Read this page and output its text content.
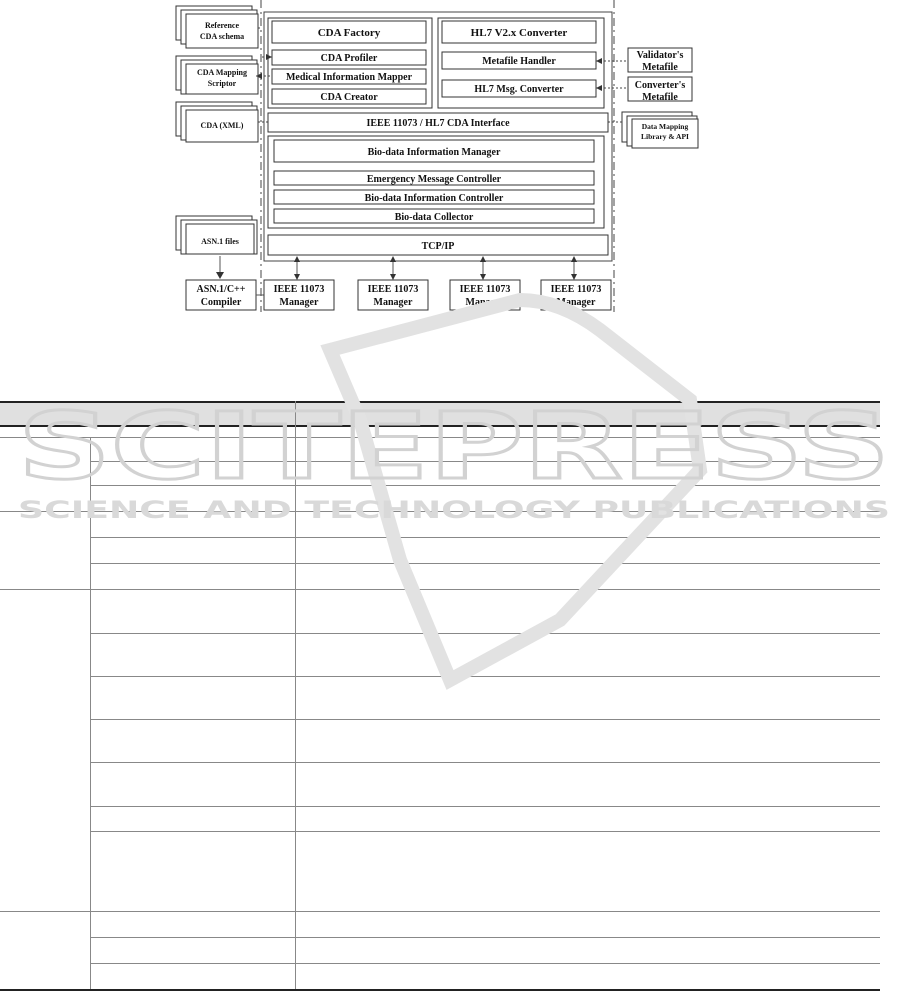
Reference
CDA schema
CDA Mapping
Scriptor
CDA (XML)
ASN.1 files
ASN.1/C++
Compiler
CDA Factory
CDA Profiler
Medical Information Mapper
CDA Creator
HL7 V2.x Converter
Metafile Handler
HL7 Msg. Converter
Validator's
Metafile
Converter's
Metafile
Data Mapping
Library & API
IEEE 11073 / HL7 CDA Interface
Bio-data Information Manager
Emergency Message Controller
Bio-data Information Controller
Bio-data Collector
TCP/IP
IEEE 11073
Manager
IEEE 11073
Manager
IEEE 11073
Manager
IEEE 11073
Manager
SCITEPRESS
SCIENCE AND TECHNOLOGY PUBLICATIONS
